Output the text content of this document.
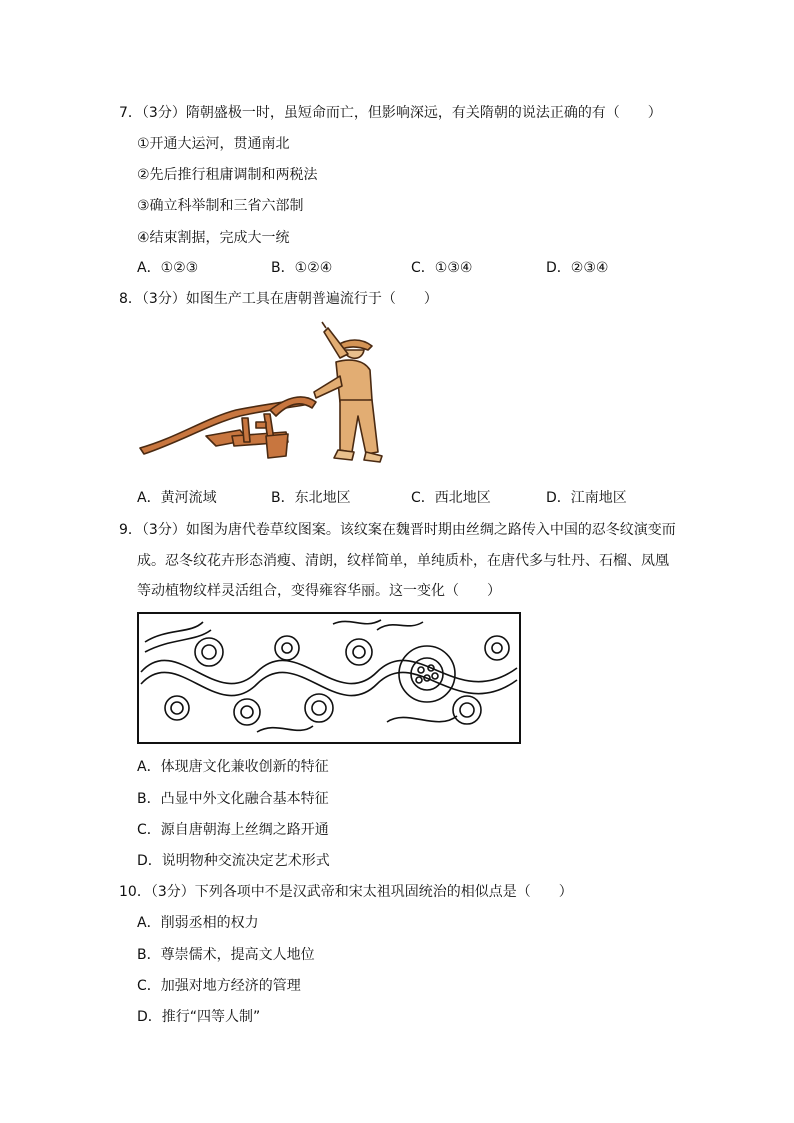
7．（3分）隋朝盛极一时，虽短命而亡，但影响深远，有关隋朝的说法正确的有（　　）
①开通大运河，贯通南北
②先后推行租庸调制和两税法
③确立科举制和三省六部制
④结束割据，完成大一统
A．①②③	B．①②④	C．①③④	D．②③④
8．（3分）如图生产工具在唐朝普遍流行于（　　）
A．黄河流域	B．东北地区	C．西北地区	D．江南地区
9．（3分）如图为唐代卷草纹图案。该纹案在魏晋时期由丝绸之路传入中国的忍冬纹演变而
成。忍冬纹花卉形态消瘦、清朗，纹样简单，单纯质朴，在唐代多与牡丹、石榴、凤凰
等动植物纹样灵活组合，变得雍容华丽。这一变化（　　）
A．体现唐文化兼收创新的特征
B．凸显中外文化融合基本特征
C．源自唐朝海上丝绸之路开通
D．说明物种交流决定艺术形式
10．（3分）下列各项中不是汉武帝和宋太祖巩固统治的相似点是（　　）
A．削弱丞相的权力
B．尊崇儒术，提高文人地位
C．加强对地方经济的管理
D．推行“四等人制”
